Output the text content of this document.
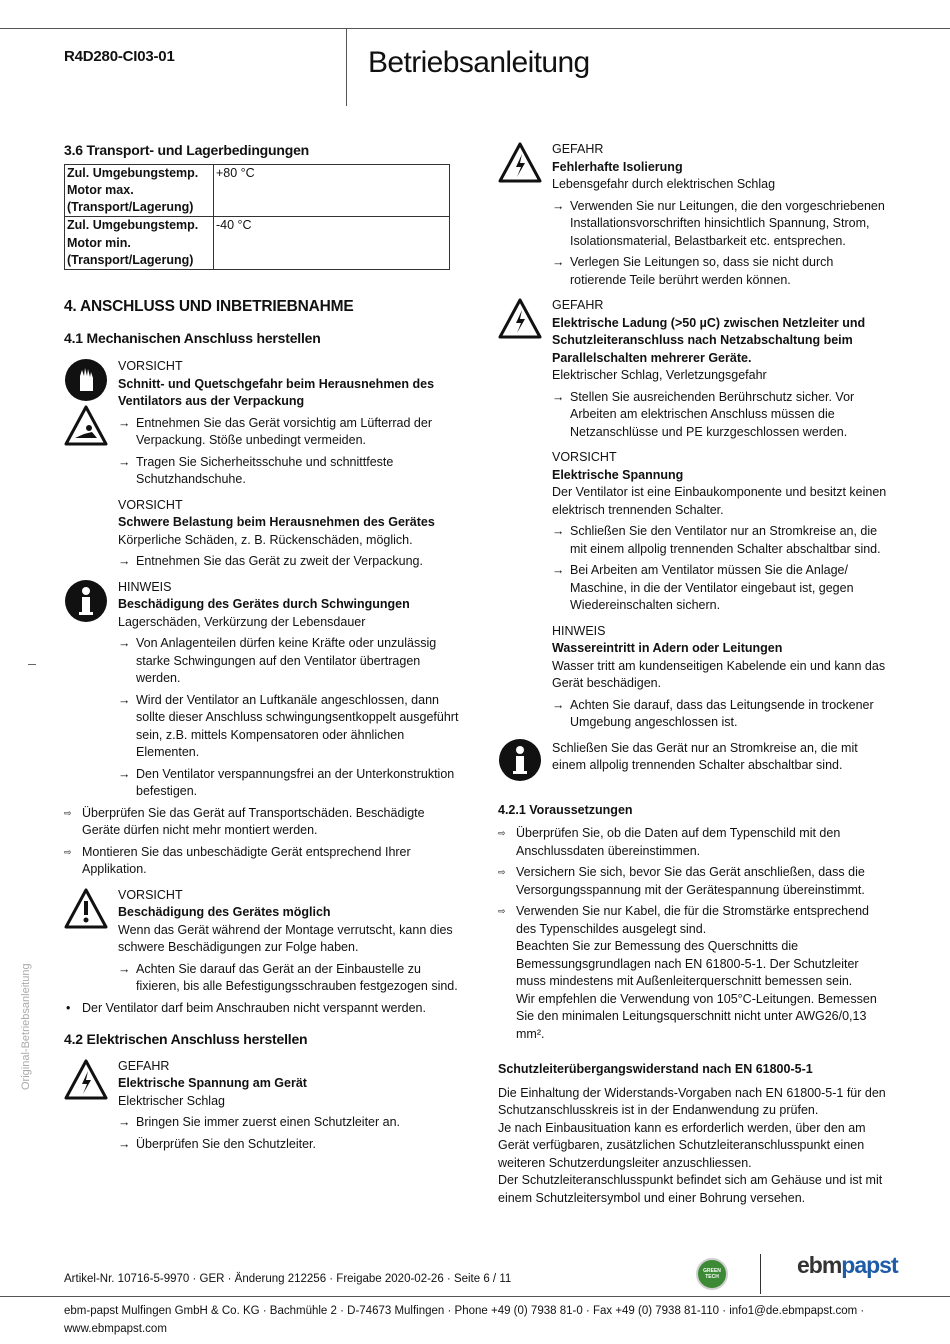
R4D280-CI03-01	Betriebsanleitung
Original-Betriebsanleitung
3.6 Transport- und Lagerbedingungen
Zul. Umgebungstemp. Motor max. (Transport/Lagerung)	+80 °C
Zul. Umgebungstemp. Motor min. (Transport/Lagerung)	-40 °C
4. ANSCHLUSS UND INBETRIEBNAHME
4.1 Mechanischen Anschluss herstellen
VORSICHT
Schnitt- und Quetschgefahr beim Herausnehmen des Ventilators aus der Verpackung
→ Entnehmen Sie das Gerät vorsichtig am Lüfterrad der Verpackung. Stöße unbedingt vermeiden.
→ Tragen Sie Sicherheitsschuhe und schnittfeste Schutzhandschuhe.
VORSICHT
Schwere Belastung beim Herausnehmen des Gerätes
Körperliche Schäden, z. B. Rückenschäden, möglich.
→ Entnehmen Sie das Gerät zu zweit der Verpackung.
HINWEIS
Beschädigung des Gerätes durch Schwingungen
Lagerschäden, Verkürzung der Lebensdauer
→ Von Anlagenteilen dürfen keine Kräfte oder unzulässig starke Schwingungen auf den Ventilator übertragen werden.
→ Wird der Ventilator an Luftkanäle angeschlossen, dann sollte dieser Anschluss schwingungsentkoppelt ausgeführt sein, z.B. mittels Kompensatoren oder ähnlichen Elementen.
→ Den Ventilator verspannungsfrei an der Unterkonstruktion befestigen.
⇨ Überprüfen Sie das Gerät auf Transportschäden. Beschädigte Geräte dürfen nicht mehr montiert werden.
⇨ Montieren Sie das unbeschädigte Gerät entsprechend Ihrer Applikation.
VORSICHT
Beschädigung des Gerätes möglich
Wenn das Gerät während der Montage verrutscht, kann dies schwere Beschädigungen zur Folge haben.
→ Achten Sie darauf das Gerät an der Einbaustelle zu fixieren, bis alle Befestigungsschrauben festgezogen sind.
• Der Ventilator darf beim Anschrauben nicht verspannt werden.
4.2 Elektrischen Anschluss herstellen
GEFAHR
Elektrische Spannung am Gerät
Elektrischer Schlag
→ Bringen Sie immer zuerst einen Schutzleiter an.
→ Überprüfen Sie den Schutzleiter.
GEFAHR
Fehlerhafte Isolierung
Lebensgefahr durch elektrischen Schlag
→ Verwenden Sie nur Leitungen, die den vorgeschriebenen Installationsvorschriften hinsichtlich Spannung, Strom, Isolationsmaterial, Belastbarkeit etc. entsprechen.
→ Verlegen Sie Leitungen so, dass sie nicht durch rotierende Teile berührt werden können.
GEFAHR
Elektrische Ladung (>50 µC) zwischen Netzleiter und Schutzleiteranschluss nach Netzabschaltung beim Parallelschalten mehrerer Geräte.
Elektrischer Schlag, Verletzungsgefahr
→ Stellen Sie ausreichenden Berührschutz sicher. Vor Arbeiten am elektrischen Anschluss müssen die Netzanschlüsse und PE kurzgeschlossen werden.
VORSICHT
Elektrische Spannung
Der Ventilator ist eine Einbaukomponente und besitzt keinen elektrisch trennenden Schalter.
→ Schließen Sie den Ventilator nur an Stromkreise an, die mit einem allpolig trennenden Schalter abschaltbar sind.
→ Bei Arbeiten am Ventilator müssen Sie die Anlage/ Maschine, in die der Ventilator eingebaut ist, gegen Wiedereinschalten sichern.
HINWEIS
Wassereintritt in Adern oder Leitungen
Wasser tritt am kundenseitigen Kabelende ein und kann das Gerät beschädigen.
→ Achten Sie darauf, dass das Leitungsende in trockener Umgebung angeschlossen ist.
Schließen Sie das Gerät nur an Stromkreise an, die mit einem allpolig trennenden Schalter abschaltbar sind.
4.2.1 Voraussetzungen
⇨ Überprüfen Sie, ob die Daten auf dem Typenschild mit den Anschlussdaten übereinstimmen.
⇨ Versichern Sie sich, bevor Sie das Gerät anschließen, dass die Versorgungsspannung mit der Gerätespannung übereinstimmt.
⇨ Verwenden Sie nur Kabel, die für die Stromstärke entsprechend des Typenschildes ausgelegt sind.

Beachten Sie zur Bemessung des Querschnitts die Bemessungsgrundlagen nach EN 61800-5-1. Der Schutzleiter muss mindestens mit Außenleiterquerschnitt bemessen sein.

Wir empfehlen die Verwendung von 105°C-Leitungen. Bemessen Sie den minimalen Leitungsquerschnitt nicht unter AWG26/0,13 mm².

Schutzleiterübergangswiderstand nach EN 61800-5-1

Die Einhaltung der Widerstands-Vorgaben nach EN 61800-5-1 für den Schutzanschlusskreis ist in der Endanwendung zu prüfen.

Je nach Einbausituation kann es erforderlich werden, über den am Gerät verfügbaren, zusätzlichen Schutzleiteranschlusspunkt einen weiteren Schutzerdungsleiter anzuschliessen.

Der Schutzleiteranschlusspunkt befindet sich am Gehäuse und ist mit einem Schutzleitersymbol und einer Bohrung versehen.

Artikel-Nr. 10716-5-9970 · GER · Änderung 212256 · Freigabe 2020-02-26 · Seite 6 / 11
GREEN TECH	ebmpapst
ebm-papst Mulfingen GmbH & Co. KG · Bachmühle 2 · D-74673 Mulfingen · Phone +49 (0) 7938 81-0 · Fax +49 (0) 7938 81-110 · info1@de.ebmpapst.com · www.ebmpapst.com
